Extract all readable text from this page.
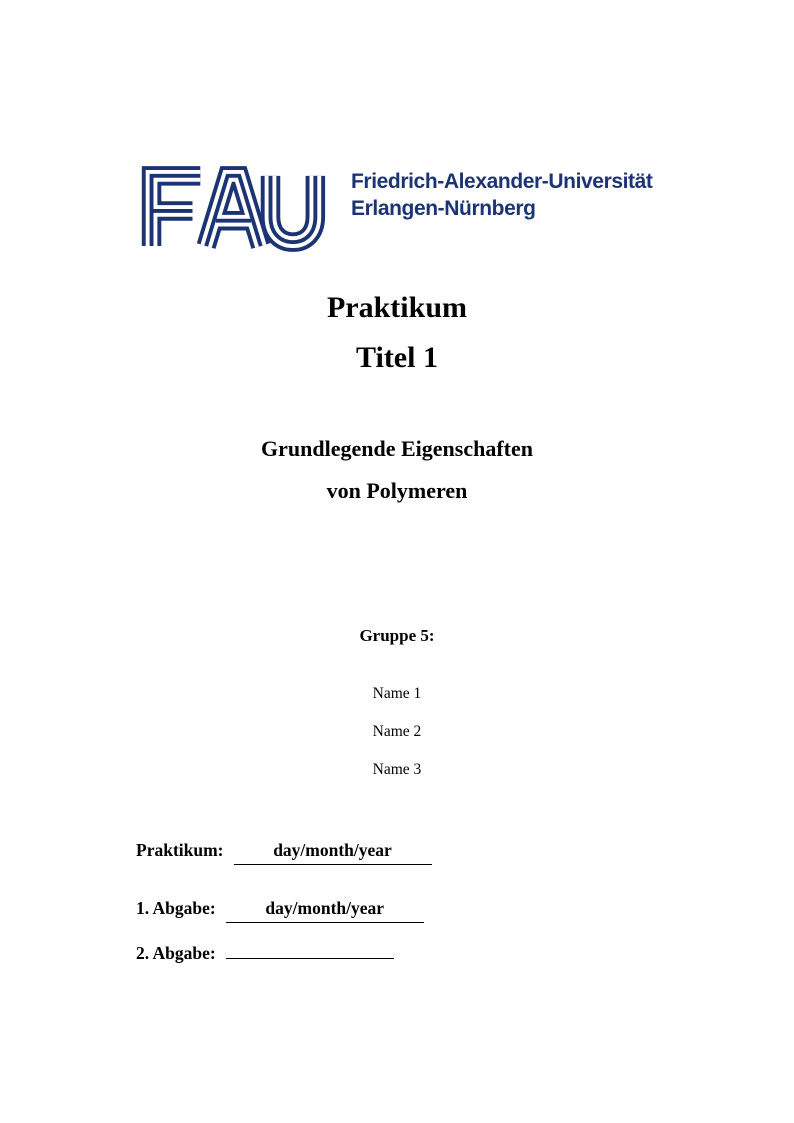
Friedrich-Alexander-Universität
Erlangen-Nürnberg
Praktikum
Titel 1
Grundlegende Eigenschaften
von Polymeren

Gruppe 5:

Name 1

Name 2

Name 3

Praktikum:	day/month/year
1. Abgabe:	day/month/year
2. Abgabe:
